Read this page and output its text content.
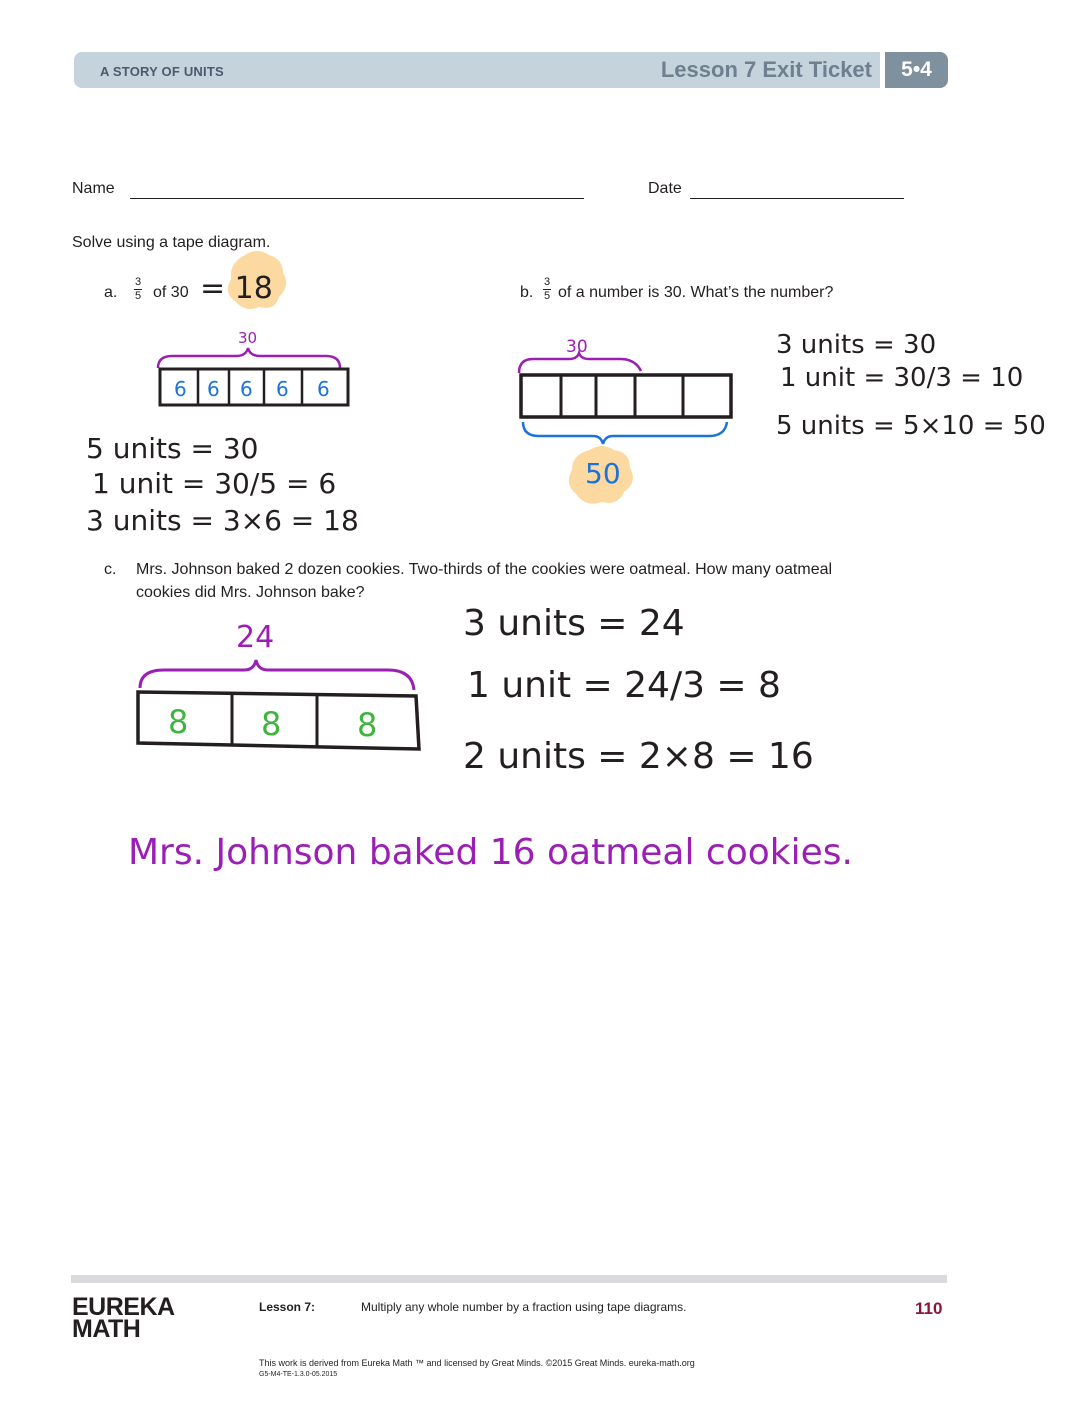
A STORY OF UNITS	Lesson 7 Exit Ticket	5•4
Name	Date
Solve using a tape diagram.
a. $\frac{3}{5}$ of 30	b. $\frac{3}{5}$ of a number is 30. What’s the number?
c. Mrs. Johnson baked 2 dozen cookies. Two-thirds of the cookies were oatmeal. How many oatmeal
cookies did Mrs. Johnson bake?
= 18
30
6 6 6 6 6
5 units = 30
1 unit = 30/5 = 6
3 units = 3×6 = 18
30
50
3 units = 30
1 unit = 30/3 = 10
5 units = 5×10 = 50
24
8 8 8
3 units = 24
1 unit = 24/3 = 8
2 units = 2×8 = 16
Mrs. Johnson baked 16 oatmeal cookies.
EUREKA
MATH
Lesson 7:	Multiply any whole number by a fraction using tape diagrams.	110
This work is derived from Eureka Math ™ and licensed by Great Minds. ©2015 Great Minds. eureka-math.org
G5-M4-TE-1.3.0-05.2015
